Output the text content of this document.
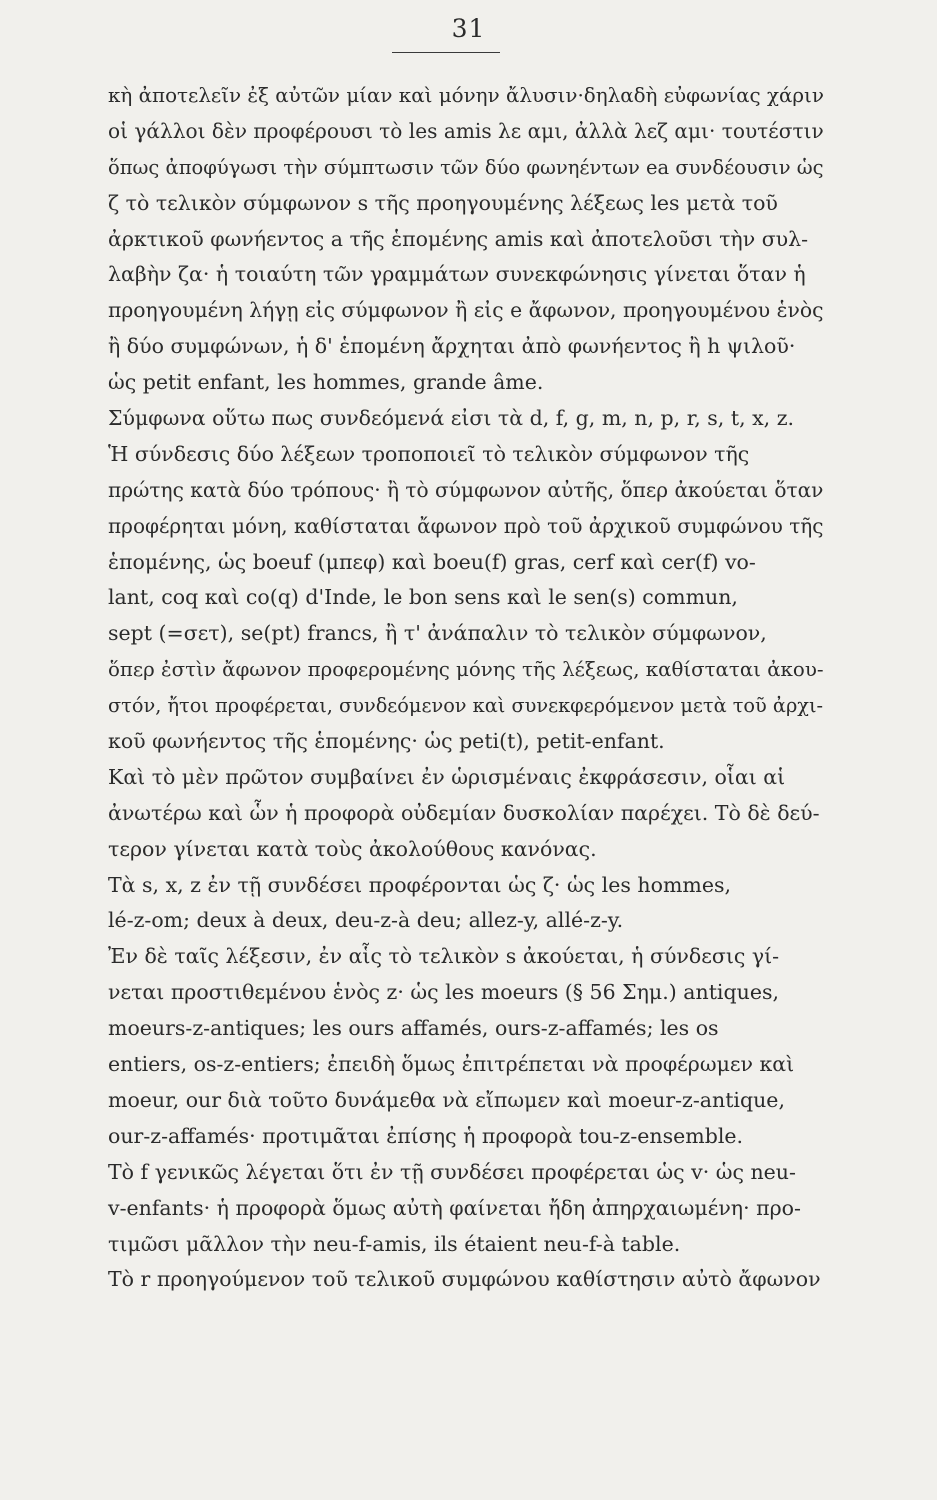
31
κὴ ἀποτελεῖν ἐξ αὐτῶν μίαν καὶ μόνην ἄλυσιν·δηλαδὴ εὐφωνίας χάριν
οἱ γάλλοι δὲν προφέρουσι τὸ les amis λε αμι, ἀλλὰ λεζ αμι· τουτέστιν
ὅπως ἀποφύγωσι τὴν σύμπτωσιν τῶν δύο φωνηέντων ea συνδέουσιν ὡς
ζ τὸ τελικὸν σύμφωνον s τῆς προηγουμένης λέξεως les μετὰ τοῦ
ἀρκτικοῦ φωνήεντος a τῆς ἑπομένης amis καὶ ἀποτελοῦσι τὴν συλ-
λαβὴν ζα· ἡ τοιαύτη τῶν γραμμάτων συνεκφώνησις γίνεται ὅταν ἡ
προηγουμένη λήγῃ εἰς σύμφωνον ἢ εἰς e ἄφωνον, προηγουμένου ἑνὸς
ἢ δύο συμφώνων, ἡ δ' ἑπομένη ἄρχηται ἀπὸ φωνήεντος ἢ h ψιλοῦ·
ὡς petit enfant, les hommes, grande âme.
Σύμφωνα οὕτω πως συνδεόμενά εἰσι τὰ d, f, g, m, n, p, r, s, t, x, z.
Ἡ σύνδεσις δύο λέξεων τροποποιεῖ τὸ τελικὸν σύμφωνον τῆς
πρώτης κατὰ δύο τρόπους· ἢ τὸ σύμφωνον αὐτῆς, ὅπερ ἀκούεται ὅταν
προφέρηται μόνη, καθίσταται ἄφωνον πρὸ τοῦ ἀρχικοῦ συμφώνου τῆς
ἑπομένης, ὡς boeuf (μπεφ) καὶ boeu(f) gras, cerf καὶ cer(f) vo-
lant, coq καὶ co(q) d'Inde, le bon sens καὶ le sen(s) commun,
sept (=σετ), se(pt) francs, ἢ τ' ἀνάπαλιν τὸ τελικὸν σύμφωνον,
ὅπερ ἐστὶν ἄφωνον προφερομένης μόνης τῆς λέξεως, καθίσταται ἀκου-
στόν, ἤτοι προφέρεται, συνδεόμενον καὶ συνεκφερόμενον μετὰ τοῦ ἀρχι-
κοῦ φωνήεντος τῆς ἑπομένης· ὡς peti(t), petit-enfant.
Καὶ τὸ μὲν πρῶτον συμβαίνει ἐν ὡρισμέναις ἐκφράσεσιν, οἷαι αἱ
ἀνωτέρω καὶ ὧν ἡ προφορὰ οὐδεμίαν δυσκολίαν παρέχει. Τὸ δὲ δεύ-
τερον γίνεται κατὰ τοὺς ἀκολούθους κανόνας.
Τὰ s, x, z ἐν τῇ συνδέσει προφέρονται ὡς ζ· ὡς les hommes,
lé-z-om; deux à deux, deu-z-à deu; allez-y, allé-z-y.
Ἐν δὲ ταῖς λέξεσιν, ἐν αἷς τὸ τελικὸν s ἀκούεται, ἡ σύνδεσις γί-
νεται προστιθεμένου ἑνὸς z· ὡς les moeurs (§ 56 Σημ.) antiques,
moeurs-z-antiques; les ours affamés, ours-z-affamés; les os
entiers, os-z-entiers; ἐπειδὴ ὅμως ἐπιτρέπεται νὰ προφέρωμεν καὶ
moeur, our διὰ τοῦτο δυνάμεθα νὰ εἴπωμεν καὶ moeur-z-antique,
our-z-affamés· προτιμᾶται ἐπίσης ἡ προφορὰ tou-z-ensemble.
Τὸ f γενικῶς λέγεται ὅτι ἐν τῇ συνδέσει προφέρεται ὡς v· ὡς neu-
v-enfants· ἡ προφορὰ ὅμως αὐτὴ φαίνεται ἤδη ἀπηρχαιωμένη· προ-
τιμῶσι μᾶλλον τὴν neu-f-amis, ils étaient neu-f-à table.
Τὸ r προηγούμενον τοῦ τελικοῦ συμφώνου καθίστησιν αὐτὸ ἄφωνον
